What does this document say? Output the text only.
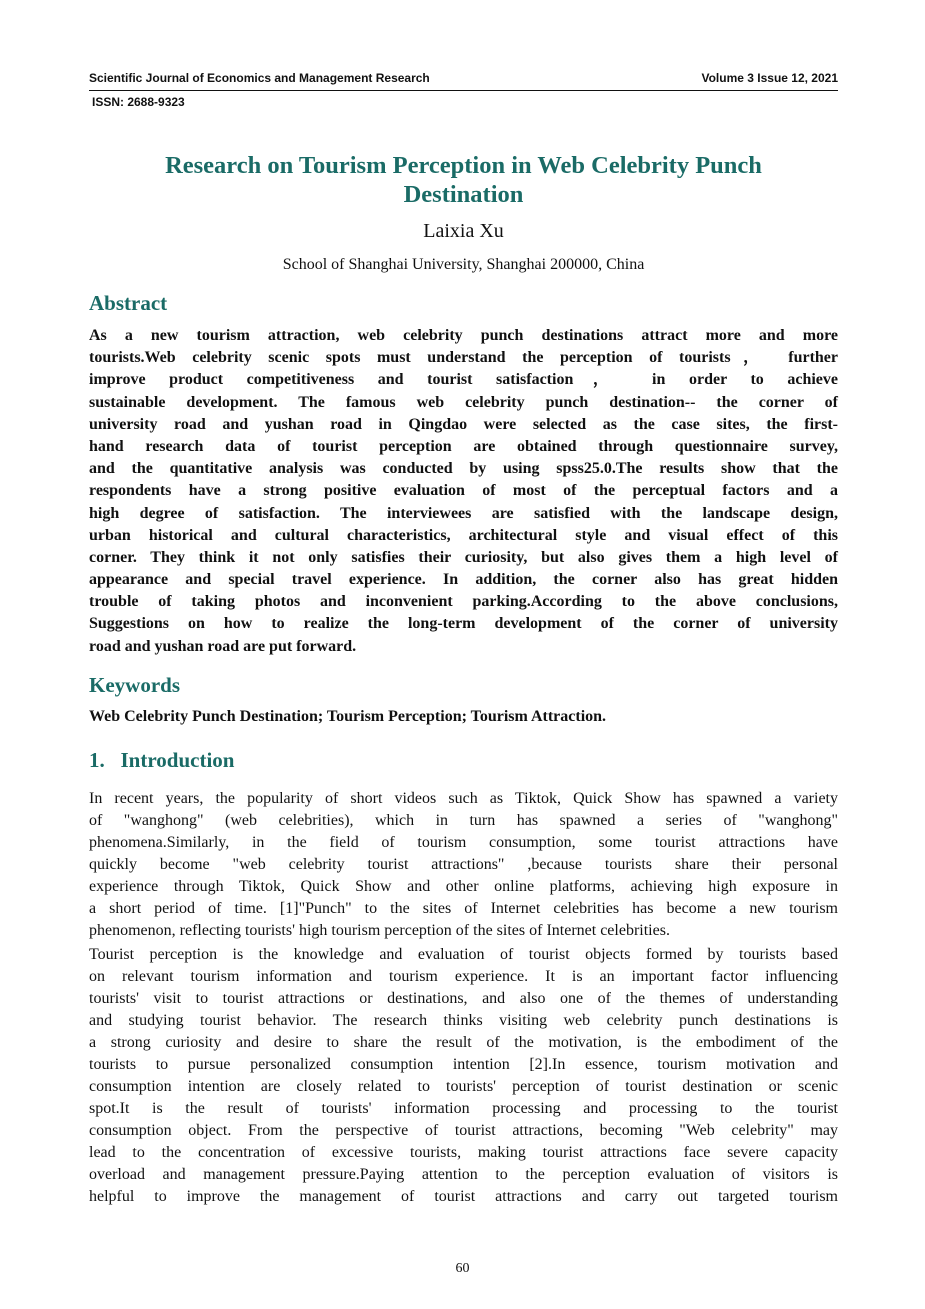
Scientific Journal of Economics and Management Research	Volume 3 Issue 12, 2021
ISSN: 2688-9323
Research on Tourism Perception in Web Celebrity Punch
Destination
Laixia Xu
School of Shanghai University, Shanghai 200000, China
Abstract
As a new tourism attraction, web celebrity punch destinations attract more and more
tourists.Web celebrity scenic spots must understand the perception of tourists， further
improve product competitiveness and tourist satisfaction， in order to achieve
sustainable development. The famous web celebrity punch destination-- the corner of
university road and yushan road in Qingdao were selected as the case sites, the first-
hand research data of tourist perception are obtained through questionnaire survey,
and the quantitative analysis was conducted by using spss25.0.The results show that the
respondents have a strong positive evaluation of most of the perceptual factors and a
high degree of satisfaction. The interviewees are satisfied with the landscape design,
urban historical and cultural characteristics, architectural style and visual effect of this
corner. They think it not only satisfies their curiosity, but also gives them a high level of
appearance and special travel experience. In addition, the corner also has great hidden
trouble of taking photos and inconvenient parking.According to the above conclusions,
Suggestions on how to realize the long-term development of the corner of university
road and yushan road are put forward.
Keywords
Web Celebrity Punch Destination; Tourism Perception; Tourism Attraction.
1.   Introduction
In recent years, the popularity of short videos such as Tiktok, Quick Show has spawned a variety
of "wanghong" (web celebrities), which in turn has spawned a series of "wanghong"
phenomena.Similarly, in the field of tourism consumption, some tourist attractions have
quickly become "web celebrity tourist attractions" ,because tourists share their personal
experience through Tiktok, Quick Show and other online platforms, achieving high exposure in
a short period of time. [1]"Punch" to the sites of Internet celebrities has become a new tourism
phenomenon, reflecting tourists' high tourism perception of the sites of Internet celebrities.
Tourist perception is the knowledge and evaluation of tourist objects formed by tourists based
on relevant tourism information and tourism experience. It is an important factor influencing
tourists' visit to tourist attractions or destinations, and also one of the themes of understanding
and studying tourist behavior. The research thinks visiting web celebrity punch destinations is
a strong curiosity and desire to share the result of the motivation, is the embodiment of the
tourists to pursue personalized consumption intention [2].In essence, tourism motivation and
consumption intention are closely related to tourists' perception of tourist destination or scenic
spot.It is the result of tourists' information processing and processing to the tourist
consumption object. From the perspective of tourist attractions, becoming "Web celebrity" may
lead to the concentration of excessive tourists, making tourist attractions face severe capacity
overload and management pressure.Paying attention to the perception evaluation of visitors is
helpful to improve the management of tourist attractions and carry out targeted tourism
60
